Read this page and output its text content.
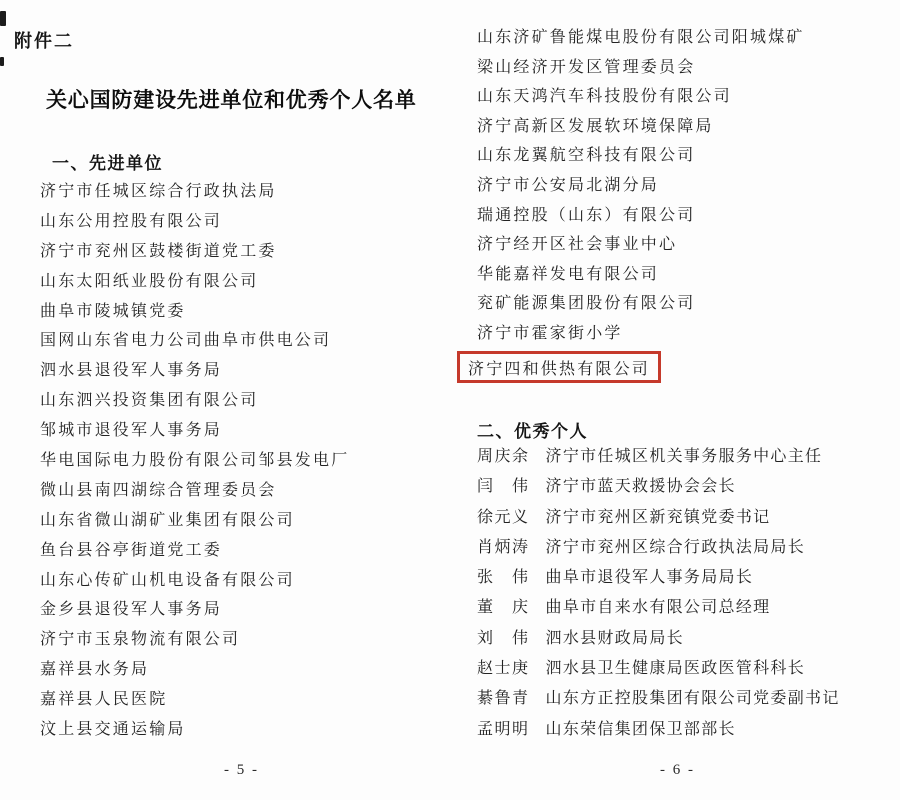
附件二
关心国防建设先进单位和优秀个人名单
一、先进单位
济宁市任城区综合行政执法局
山东公用控股有限公司
济宁市兖州区鼓楼街道党工委
山东太阳纸业股份有限公司
曲阜市陵城镇党委
国网山东省电力公司曲阜市供电公司
泗水县退役军人事务局
山东泗兴投资集团有限公司
邹城市退役军人事务局
华电国际电力股份有限公司邹县发电厂
微山县南四湖综合管理委员会
山东省微山湖矿业集团有限公司
鱼台县谷亭街道党工委
山东心传矿山机电设备有限公司
金乡县退役军人事务局
济宁市玉泉物流有限公司
嘉祥县水务局
嘉祥县人民医院
汶上县交通运输局
- 5 -
山东济矿鲁能煤电股份有限公司阳城煤矿
梁山经济开发区管理委员会
山东天鸿汽车科技股份有限公司
济宁高新区发展软环境保障局
山东龙翼航空科技有限公司
济宁市公安局北湖分局
瑞通控股（山东）有限公司
济宁经开区社会事业中心
华能嘉祥发电有限公司
兖矿能源集团股份有限公司
济宁市霍家街小学
济宁四和供热有限公司
二、优秀个人
周庆余 济宁市任城区机关事务服务中心主任
闫　伟 济宁市蓝天救援协会会长
徐元义 济宁市兖州区新兖镇党委书记
肖炳涛 济宁市兖州区综合行政执法局局长
张　伟 曲阜市退役军人事务局局长
董　庆 曲阜市自来水有限公司总经理
刘　伟 泗水县财政局局长
赵士庚 泗水县卫生健康局医政医管科科长
綦鲁青 山东方正控股集团有限公司党委副书记
孟明明 山东荣信集团保卫部部长
- 6 -
